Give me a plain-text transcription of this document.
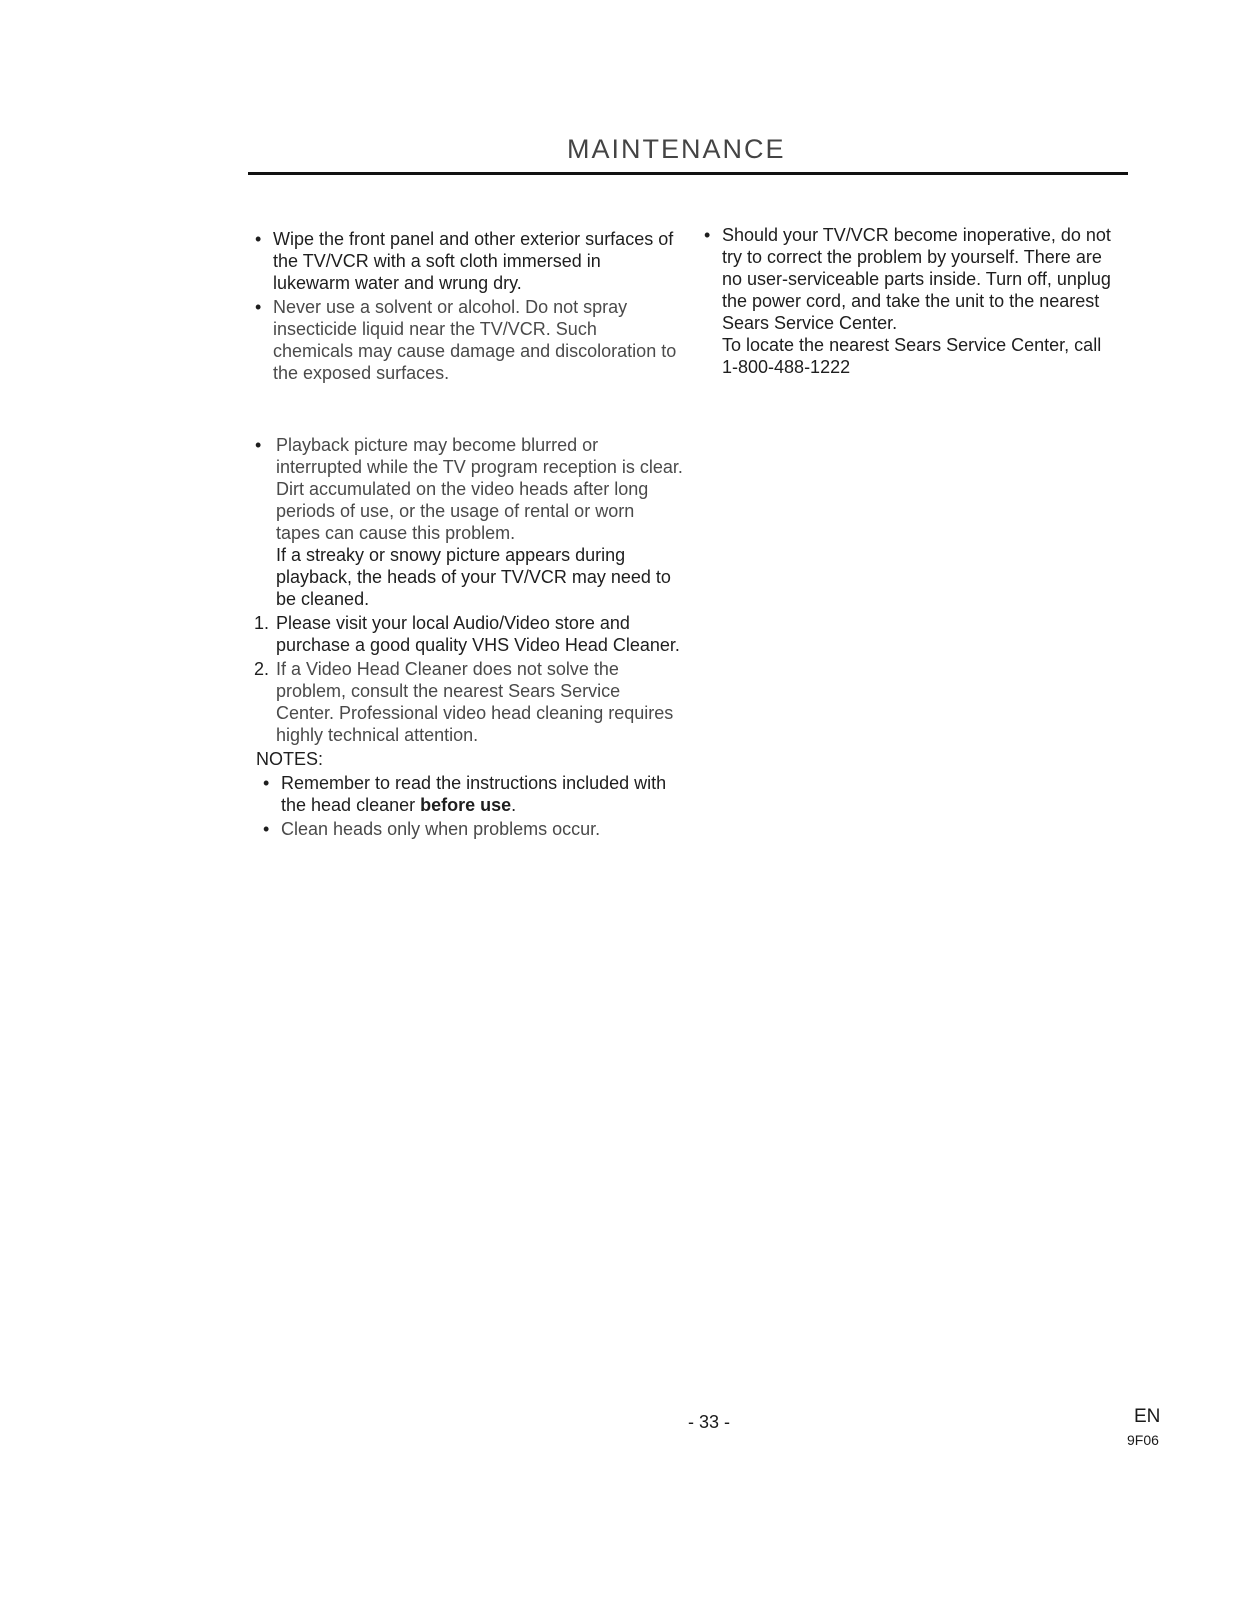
MAINTENANCE
• Wipe the front panel and other exterior surfaces of the TV/VCR with a soft cloth immersed in lukewarm water and wrung dry.
• Never use a solvent or alcohol. Do not spray insecticide liquid near the TV/VCR. Such chemicals may cause damage and discoloration to the exposed surfaces.
• Playback picture may become blurred or interrupted while the TV program reception is clear. Dirt accumulated on the video heads after long periods of use, or the usage of rental or worn tapes can cause this problem.
If a streaky or snowy picture appears during playback, the heads of your TV/VCR may need to be cleaned.
1. Please visit your local Audio/Video store and purchase a good quality VHS Video Head Cleaner.
2. If a Video Head Cleaner does not solve the problem, consult the nearest Sears Service Center. Professional video head cleaning requires highly technical attention.
NOTES:
• Remember to read the instructions included with the head cleaner before use.
• Clean heads only when problems occur.
• Should your TV/VCR become inoperative, do not try to correct the problem by yourself. There are no user-serviceable parts inside. Turn off, unplug the power cord, and take the unit to the nearest Sears Service Center.
To locate the nearest Sears Service Center, call 1-800-488-1222
- 33 -	EN
9F06
